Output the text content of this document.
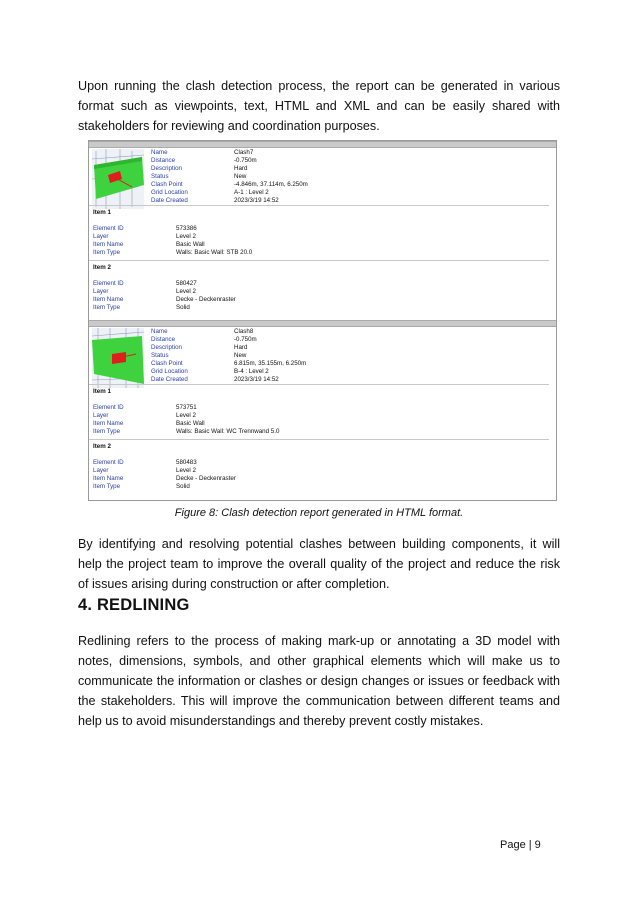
Upon running the clash detection process, the report can be generated in various format such as viewpoints, text, HTML and XML and can be easily shared with stakeholders for reviewing and coordination purposes.

Name	Clash7
Distance	-0.750m
Description	Hard
Status	New
Clash Point	-4.846m, 37.114m, 6.250m
Grid Location	A-1 : Level 2
Date Created	2023/3/19 14:52
Item 1
Element ID	573386
Layer	Level 2
Item Name	Basic Wall
Item Type	Walls: Basic Wall: STB 20.0
Item 2
Element ID	580427
Layer	Level 2
Item Name	Decke - Deckenraster
Item Type	Solid
Name	Clash8
Distance	-0.750m
Description	Hard
Status	New
Clash Point	6.815m, 35.155m, 6.250m
Grid Location	B-4 : Level 2
Date Created	2023/3/19 14:52
Item 1
Element ID	573751
Layer	Level 2
Item Name	Basic Wall
Item Type	Walls: Basic Wall: WC Trennwand 5.0
Item 2
Element ID	580483
Layer	Level 2
Item Name	Decke - Deckenraster
Item Type	Solid

Figure 8: Clash detection report generated in HTML format.

By identifying and resolving potential clashes between building components, it will help the project team to improve the overall quality of the project and reduce the risk of issues arising during construction or after completion.

4. REDLINING

Redlining refers to the process of making mark-up or annotating a 3D model with notes, dimensions, symbols, and other graphical elements which will make us to communicate the information or clashes or design changes or issues or feedback with the stakeholders. This will improve the communication between different teams and help us to avoid misunderstandings and thereby prevent costly mistakes.

Page | 9
